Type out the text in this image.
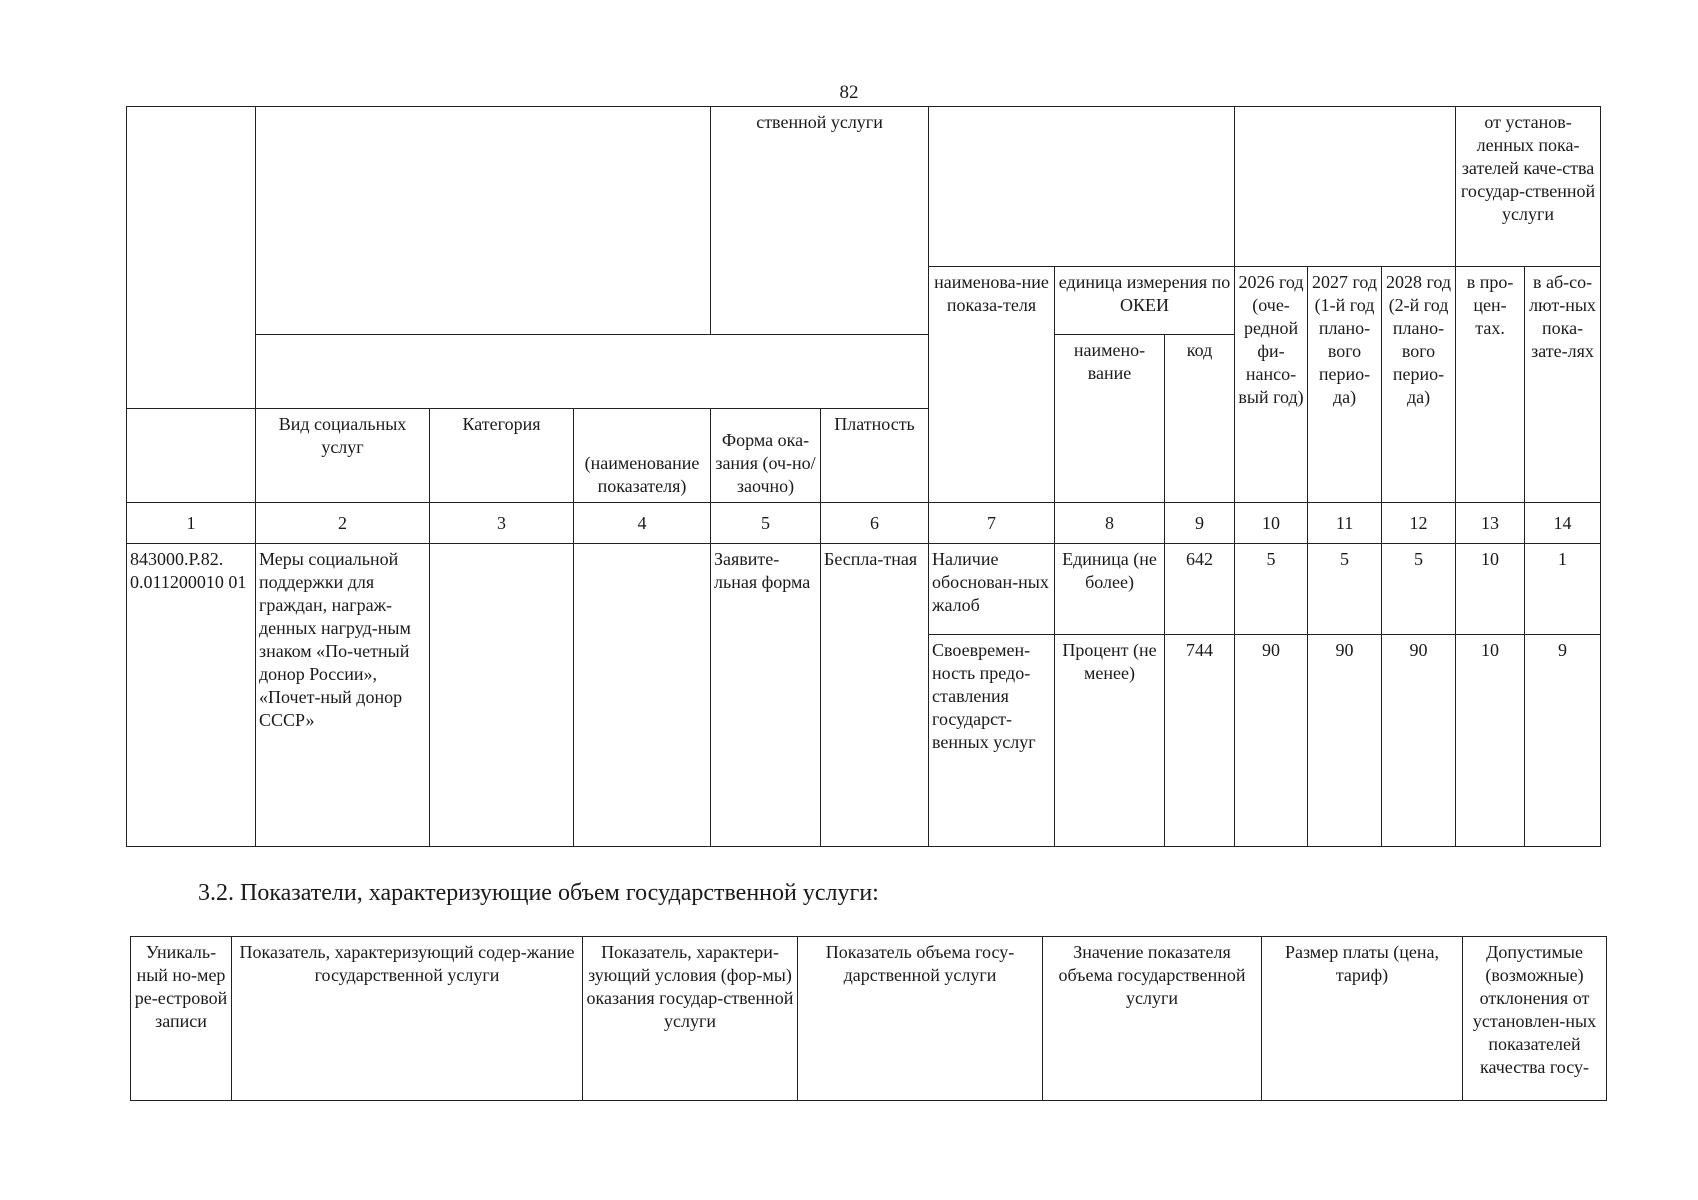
82
				ственной услуги								от установ-ленных пока-зателей каче-ства государ-ственной услуги	
						наименова-ние показа-теля	единица измерения по ОКЕИ		2026 год (оче-редной фи-нансо-вый год)	2027 год (1-й год плано-вого перио-да)	2028 год (2-й год плано-вого перио-да)	в про-цен-тах.	в аб-со-лют-ных пока-зате-лях
							наимено-вание	код					
	Вид социальных услуг	Категория	(наименование показателя)	Форма ока-зания (оч-но/заочно)	Платность								
1	2	3	4	5	6	7	8	9	10	11	12	13	14
843000.Р.82. 0.011200010 01	Меры социальной поддержки для граждан, награж-денных нагруд-ным знаком «По-четный донор России», «Почет-ный донор СССР»			Заявите-льная форма	Беспла-тная	Наличие обоснован-ных жалоб	Единица (не более)	642	5	5	5	10	1
						Своевремен-ность предо-ставления государст-венных услуг	Процент (не менее)	744	90	90	90	10	9
3.2. Показатели, характеризующие объем государственной услуги:
Уникаль-ный но-мер ре-естровой записи	Показатель, характеризующий содер-жание государственной услуги	Показатель, характери-зующий условия (фор-мы) оказания государ-ственной услуги	Показатель объема госу-дарственной услуги	Значение показателя объема государственной услуги	Размер платы (цена, тариф)	Допустимые (возможные) отклонения от установлен-ных показателей качества госу-
